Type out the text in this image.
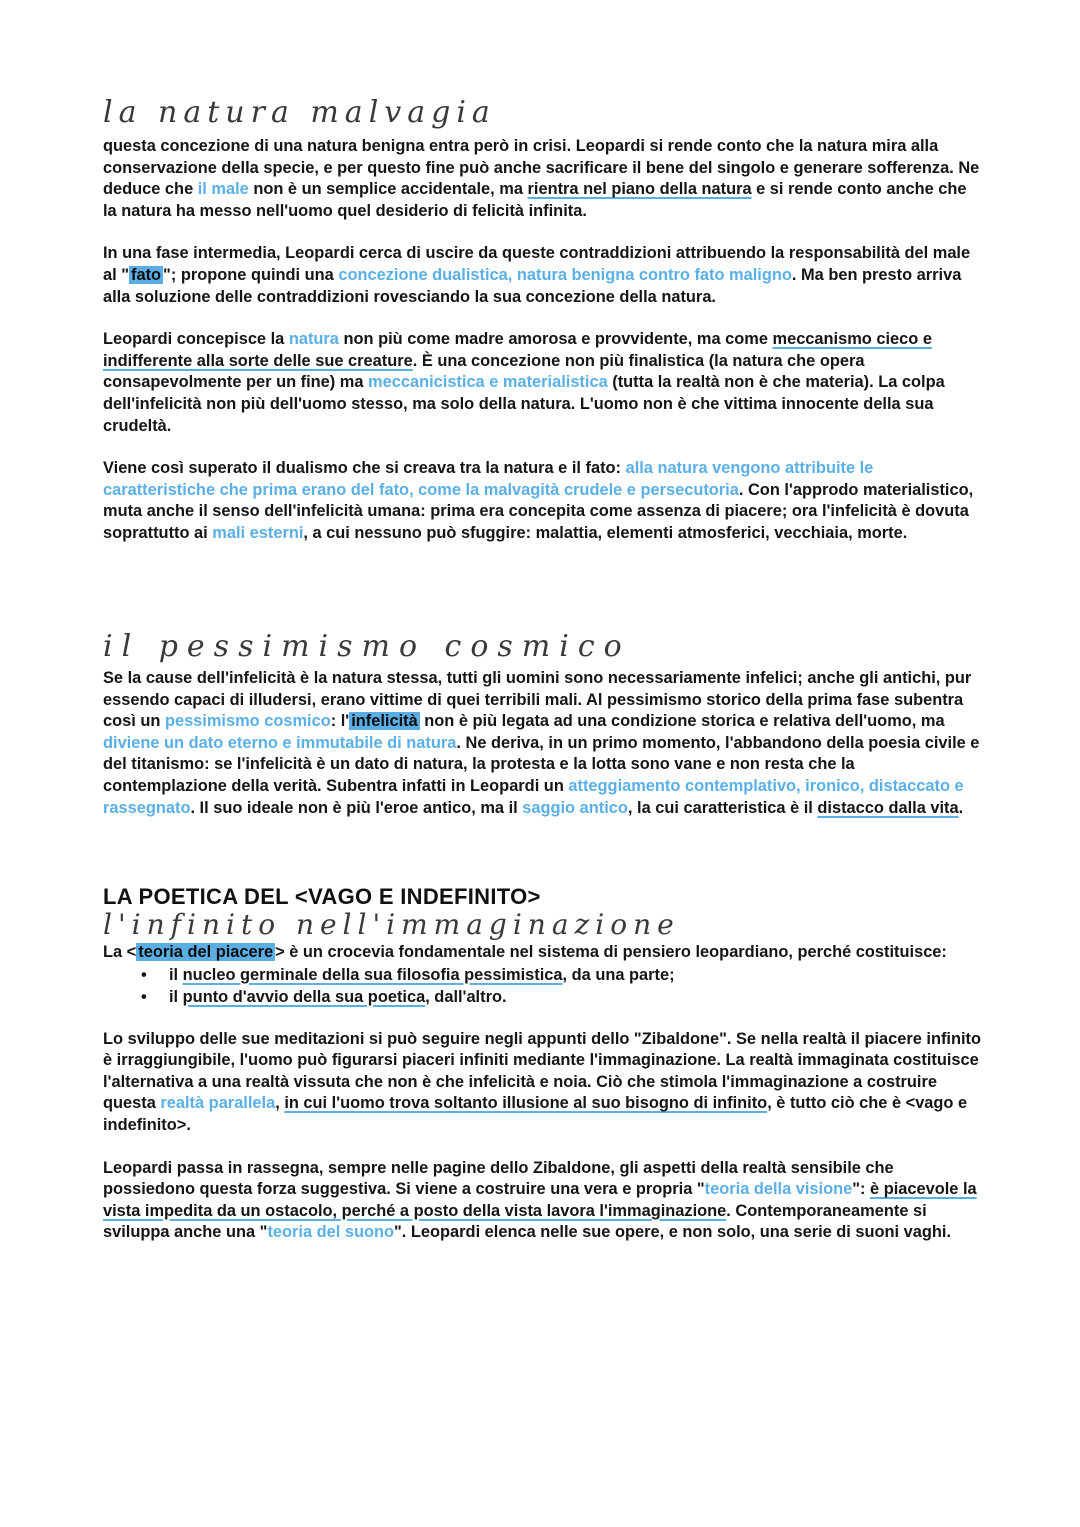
la natura malvagia

questa concezione di una natura benigna entra però in crisi. Leopardi si rende conto che la natura mira alla conservazione della specie, e per questo fine può anche sacrificare il bene del singolo e generare sofferenza. Ne deduce che il male non è un semplice accidentale, ma rientra nel piano della natura e si rende conto anche che la natura ha messo nell'uomo quel desiderio di felicità infinita.

In una fase intermedia, Leopardi cerca di uscire da queste contraddizioni attribuendo la responsabilità del male al " fato "; propone quindi una concezione dualistica, natura benigna contro fato maligno. Ma ben presto arriva alla soluzione delle contraddizioni rovesciando la sua concezione della natura.

Leopardi concepisce la natura non più come madre amorosa e provvidente, ma come meccanismo cieco e indifferente alla sorte delle sue creature. È una concezione non più finalistica (la natura che opera consapevolmente per un fine) ma meccanicistica e materialistica (tutta la realtà non è che materia). La colpa dell'infelicità non più dell'uomo stesso, ma solo della natura. L'uomo non è che vittima innocente della sua crudeltà.

Viene così superato il dualismo che si creava tra la natura e il fato: alla natura vengono attribuite le caratteristiche che prima erano del fato, come la malvagità crudele e persecutoria. Con l'approdo materialistico, muta anche il senso dell'infelicità umana: prima era concepita come assenza di piacere; ora l'infelicità è dovuta soprattutto ai mali esterni, a cui nessuno può sfuggire: malattia, elementi atmosferici, vecchiaia, morte.

il pessimismo cosmico

Se la cause dell'infelicità è la natura stessa, tutti gli uomini sono necessariamente infelici; anche gli antichi, pur essendo capaci di illudersi, erano vittime di quei terribili mali. Al pessimismo storico della prima fase subentra così un pessimismo cosmico: l' infelicità non è più legata ad una condizione storica e relativa dell'uomo, ma diviene un dato eterno e immutabile di natura. Ne deriva, in un primo momento, l'abbandono della poesia civile e del titanismo: se l'infelicità è un dato di natura, la protesta e la lotta sono vane e non resta che la contemplazione della verità. Subentra infatti in Leopardi un atteggiamento contemplativo, ironico, distaccato e rassegnato. Il suo ideale non è più l'eroe antico, ma il saggio antico, la cui caratteristica è il distacco dalla vita.

LA POETICA DEL <VAGO E INDEFINITO>
l'infinito nell'immaginazione

La < teoria del piacere > è un crocevia fondamentale nel sistema di pensiero leopardiano, perché costituisce:

• il nucleo germinale della sua filosofia pessimistica, da una parte;
• il punto d'avvio della sua poetica, dall'altro.

Lo sviluppo delle sue meditazioni si può seguire negli appunti dello "Zibaldone". Se nella realtà il piacere infinito è irraggiungibile, l'uomo può figurarsi piaceri infiniti mediante l'immaginazione. La realtà immaginata costituisce l'alternativa a una realtà vissuta che non è che infelicità e noia. Ciò che stimola l'immaginazione a costruire questa realtà parallela, in cui l'uomo trova soltanto illusione al suo bisogno di infinito, è tutto ciò che è <vago e indefinito>.

Leopardi passa in rassegna, sempre nelle pagine dello Zibaldone, gli aspetti della realtà sensibile che possiedono questa forza suggestiva. Si viene a costruire una vera e propria "teoria della visione": è piacevole la vista impedita da un ostacolo, perché a posto della vista lavora l'immaginazione. Contemporaneamente si sviluppa anche una "teoria del suono". Leopardi elenca nelle sue opere, e non solo, una serie di suoni vaghi.
